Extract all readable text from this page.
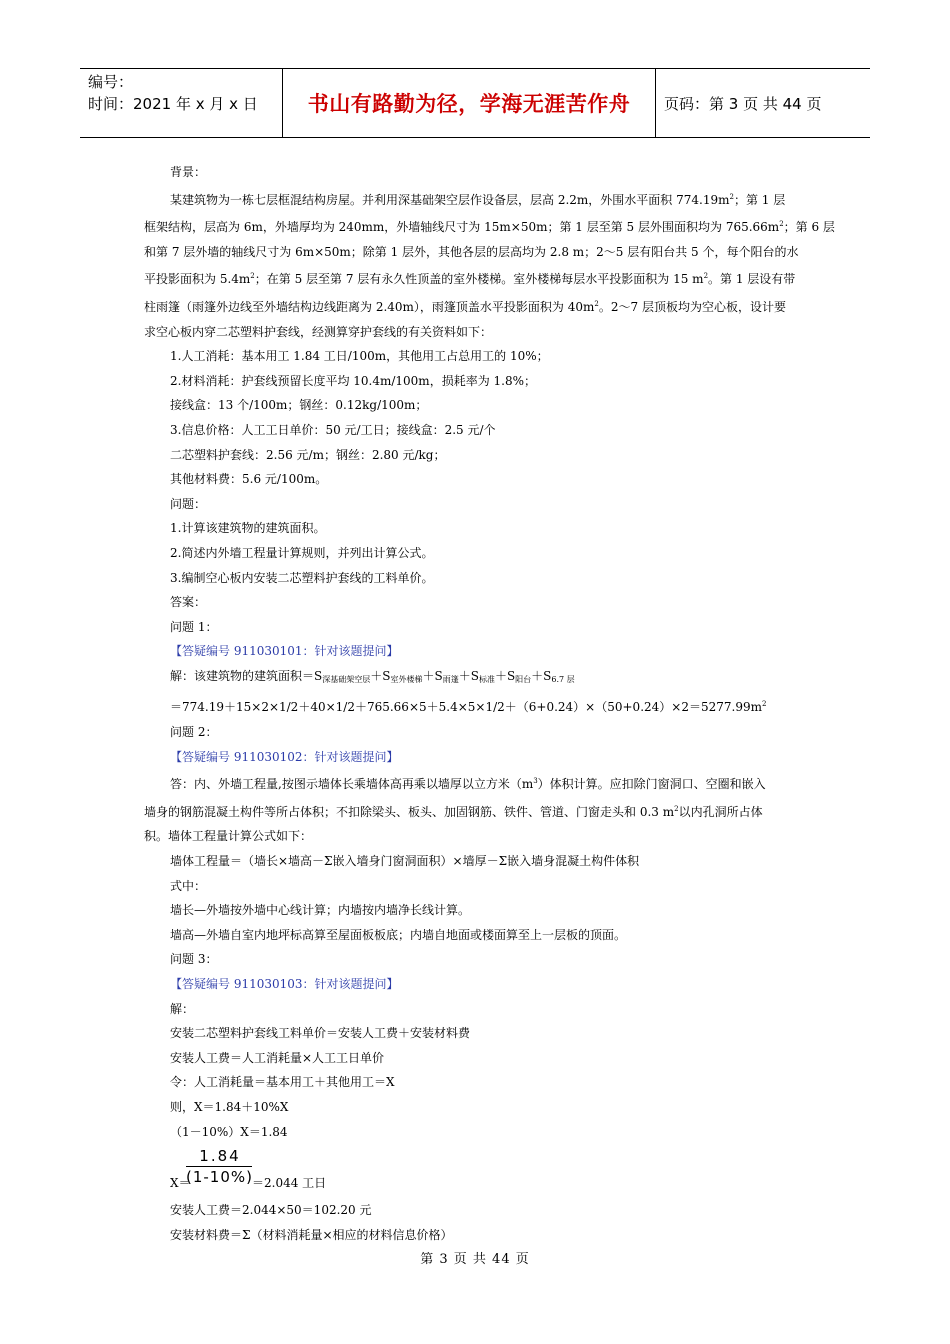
编号：
时间：2021 年 x 月 x 日	书山有路勤为径，学海无涯苦作舟	页码：第 3 页 共 44 页
背景：
某建筑物为一栋七层框混结构房屋。并利用深基础架空层作设备层，层高 2.2m，外围水平面积 $774.19m^2$；第 1 层
框架结构，层高为 6m，外墙厚均为 240mm，外墙轴线尺寸为 15m×50m；第 1 层至第 5 层外围面积均为 $765.66m^2$；第 6 层
和第 7 层外墙的轴线尺寸为 6m×50m；除第 1 层外，其他各层的层高均为 2.8 m；2～5 层有阳台共 5 个，每个阳台的水
平投影面积为 $5.4m^2$；在第 5 层至第 7 层有永久性顶盖的室外楼梯。室外楼梯每层水平投影面积为 15 $m^2$。第 1 层设有带
柱雨篷（雨篷外边线至外墙结构边线距离为 2.40m），雨篷顶盖水平投影面积为 $40m^2$。2～7 层顶板均为空心板，设计要
求空心板内穿二芯塑料护套线，经测算穿护套线的有关资料如下：
1.人工消耗：基本用工 1.84 工日/100m，其他用工占总用工的 10%；
2.材料消耗：护套线预留长度平均 10.4m/100m，损耗率为 1.8%；
接线盒：13 个/100m；钢丝：0.12kg/100m；
3.信息价格：人工工日单价：50 元/工日；接线盒：2.5 元/个
二芯塑料护套线：2.56 元/m；钢丝：2.80 元/kg；
其他材料费：5.6 元/100m。
问题：
1.计算该建筑物的建筑面积。
2.简述内外墙工程量计算规则，并列出计算公式。
3.编制空心板内安装二芯塑料护套线的工料单价。
答案：
问题 1：
【答疑编号 911030101：针对该题提问】
解：该建筑物的建筑面积$=S_{深基础架空层}+S_{室外楼梯}+S_{雨篷}+S_{标准}+S_{阳台}+S_{6.7 层}$
$=774.19+15\times 2\times 1/2+40\times 1/2+765.66\times 5+5.4\times 5\times 1/2+(6+0.24)\times(50+0.24)\times 2=5277.99m^2$
问题 2：
【答疑编号 911030102：针对该题提问】
答：内、外墙工程量,按图示墙体长乘墙体高再乘以墙厚以立方米$(m^3)$体积计算。应扣除门窗洞口、空圈和嵌入
墙身的钢筋混凝土构件等所占体积；不扣除梁头、板头、加固钢筋、铁件、管道、门窗走头和 0.3 $m^2$以内孔洞所占体
积。墙体工程量计算公式如下：
墙体工程量＝（墙长×墙高－Σ嵌入墙身门窗洞面积）×墙厚－Σ嵌入墙身混凝土构件体积
式中：
墙长—外墙按外墙中心线计算；内墙按内墙净长线计算。
墙高—外墙自室内地坪标高算至屋面板板底；内墙自地面或楼面算至上一层板的顶面。
问题 3：
【答疑编号 911030103：针对该题提问】
解：
安装二芯塑料护套线工料单价＝安装人工费＋安装材料费
安装人工费＝人工消耗量×人工工日单价
令：人工消耗量＝基本用工＋其他用工＝X
则，X＝1.84＋10%X
（1－10%）X＝1.84
1.84
X＝
(1-10%) ＝2.044 工日
安装人工费＝2.044×50＝102.20 元
安装材料费＝Σ（材料消耗量×相应的材料信息价格）
第 3 页 共 44 页
